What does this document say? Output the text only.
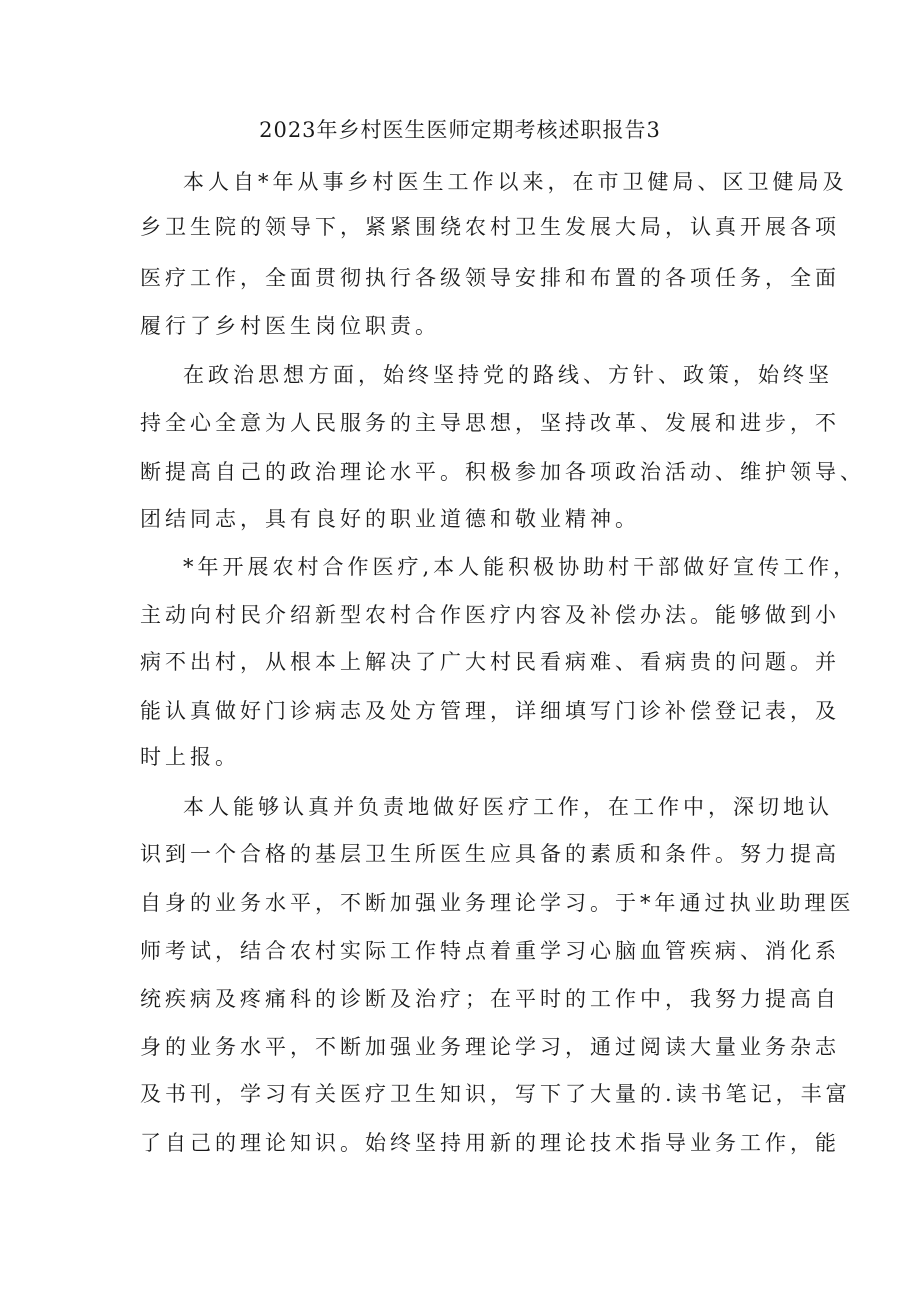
2023年乡村医生医师定期考核述职报告3
本人自*年从事乡村医生工作以来，在市卫健局、区卫健局及
乡卫生院的领导下，紧紧围绕农村卫生发展大局，认真开展各项
医疗工作，全面贯彻执行各级领导安排和布置的各项任务，全面
履行了乡村医生岗位职责。
在政治思想方面，始终坚持党的路线、方针、政策，始终坚
持全心全意为人民服务的主导思想，坚持改革、发展和进步，不
断提高自己的政治理论水平。积极参加各项政治活动、维护领导、
团结同志，具有良好的职业道德和敬业精神。
*年开展农村合作医疗,本人能积极协助村干部做好宣传工作，
主动向村民介绍新型农村合作医疗内容及补偿办法。能够做到小
病不出村，从根本上解决了广大村民看病难、看病贵的问题。并
能认真做好门诊病志及处方管理，详细填写门诊补偿登记表，及
时上报。
本人能够认真并负责地做好医疗工作，在工作中，深切地认
识到一个合格的基层卫生所医生应具备的素质和条件。努力提高
自身的业务水平，不断加强业务理论学习。于*年通过执业助理医
师考试，结合农村实际工作特点着重学习心脑血管疾病、消化系
统疾病及疼痛科的诊断及治疗；在平时的工作中，我努力提高自
身的业务水平，不断加强业务理论学习，通过阅读大量业务杂志
及书刊，学习有关医疗卫生知识，写下了大量的.读书笔记，丰富
了自己的理论知识。始终坚持用新的理论技术指导业务工作，能
